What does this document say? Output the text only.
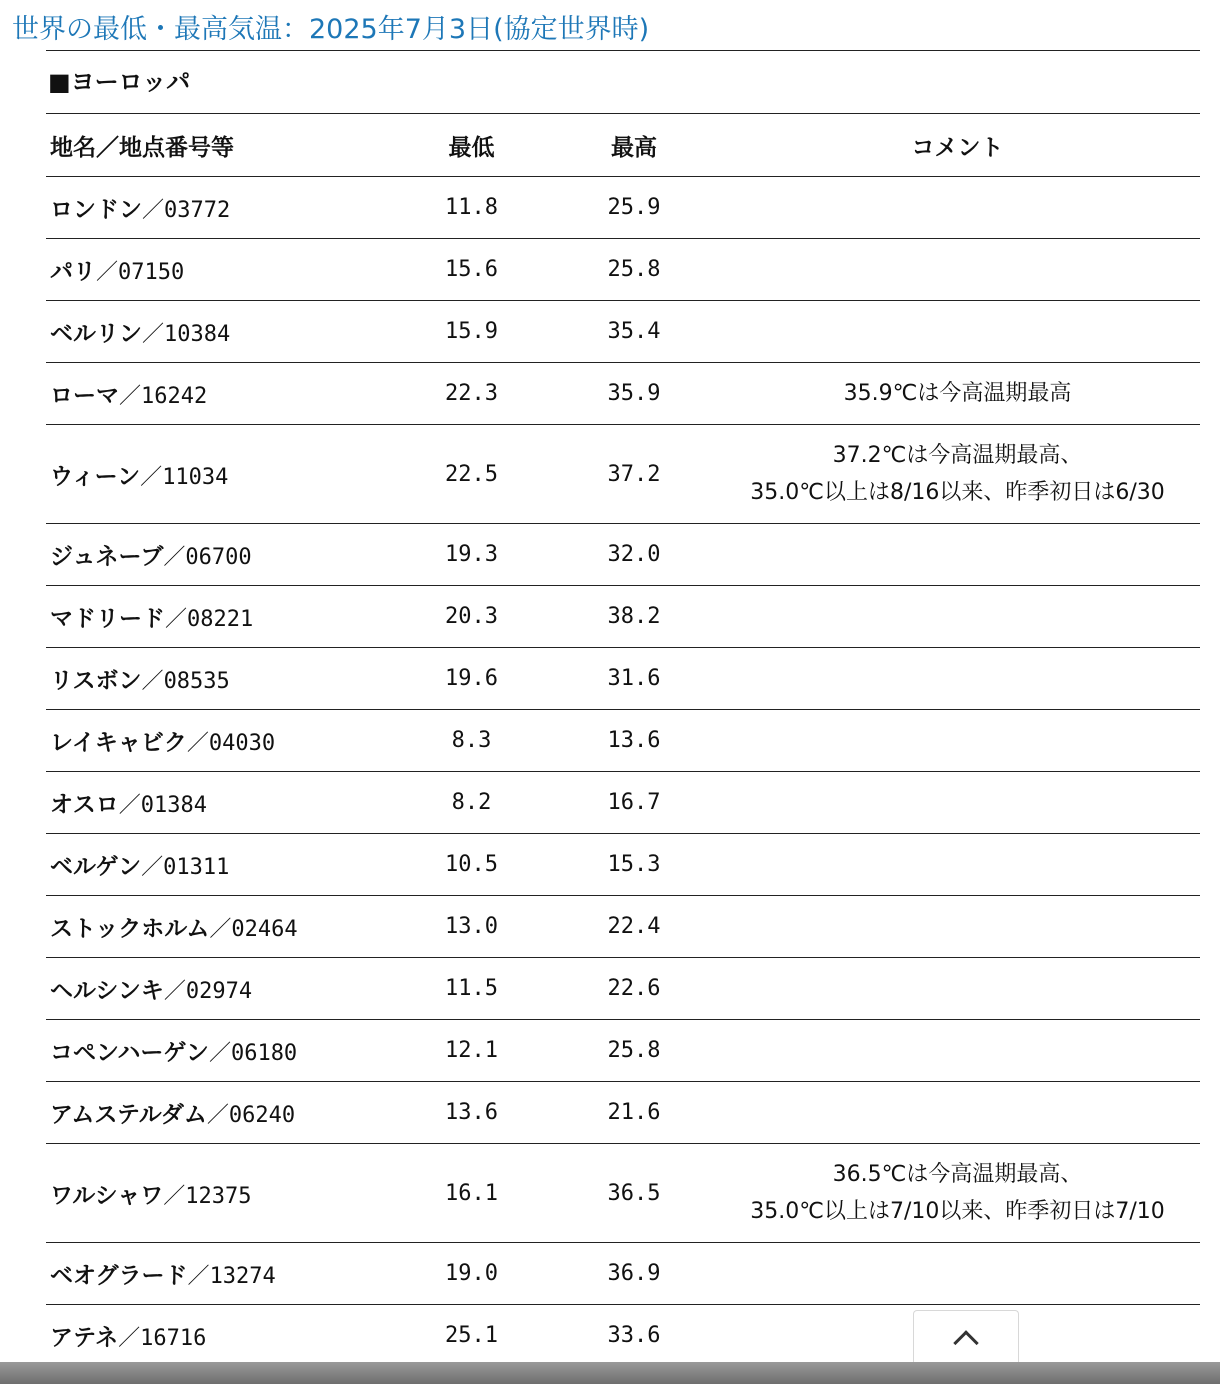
世界の最低・最高気温：2025年7月3日(協定世界時)
■ヨーロッパ
地名／地点番号等	最低	最高	コメント
ロンドン／03772	11.8	25.9	

パリ／07150	15.6	25.8	

ベルリン／10384	15.9	35.4	

ローマ／16242	22.3	35.9	35.9℃は今高温期最高

ウィーン／11034	22.5	37.2	37.2℃は今高温期最高、
35.0℃以上は8/16以来、昨季初日は6/30

ジュネーブ／06700	19.3	32.0	

マドリード／08221	20.3	38.2	

リスボン／08535	19.6	31.6	

レイキャビク／04030	8.3	13.6	

オスロ／01384	8.2	16.7	

ベルゲン／01311	10.5	15.3	

ストックホルム／02464	13.0	22.4	

ヘルシンキ／02974	11.5	22.6	

コペンハーゲン／06180	12.1	25.8	

アムステルダム／06240	13.6	21.6	

ワルシャワ／12375	16.1	36.5	36.5℃は今高温期最高、
35.0℃以上は7/10以来、昨季初日は7/10

ベオグラード／13274	19.0	36.9	

アテネ／16716	25.1	33.6	
